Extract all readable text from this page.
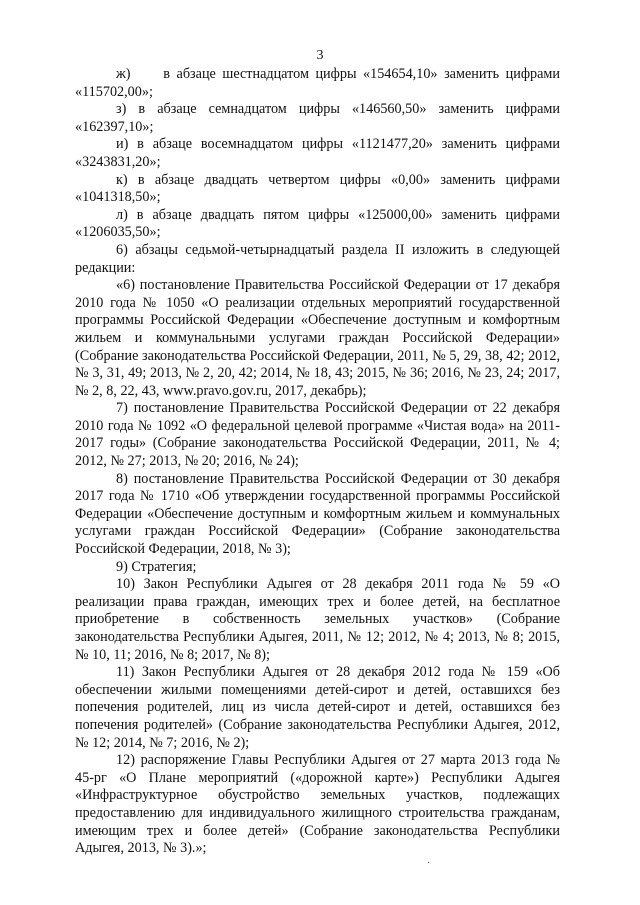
3

ж)     в абзаце шестнадцатом цифры «154654,10» заменить цифрами «115702,00»;

з) в абзаце семнадцатом цифры «146560,50» заменить цифрами «162397,10»;

и) в абзаце восемнадцатом цифры «1121477,20» заменить цифрами «3243831,20»;

к) в абзаце двадцать четвертом цифры «0,00» заменить цифрами «1041318,50»;

л) в абзаце двадцать пятом цифры «125000,00» заменить цифрами «1206035,50»;

6) абзацы седьмой-четырнадцатый раздела II изложить в следующей редакции:

«6) постановление Правительства Российской Федерации от 17 декабря 2010 года № 1050 «О реализации отдельных мероприятий государственной программы Российской Федерации «Обеспечение доступным и комфортным жильем и коммунальными услугами граждан Российской Федерации» (Собрание законодательства Российской Федерации, 2011, № 5, 29, 38, 42; 2012, № 3, 31, 49; 2013, № 2, 20, 42; 2014, № 18, 43; 2015, № 36; 2016, № 23, 24; 2017, № 2, 8, 22, 43, www.pravo.gov.ru, 2017, декабрь);

7) постановление Правительства Российской Федерации от 22 декабря 2010 года № 1092 «О федеральной целевой программе «Чистая вода» на 2011-2017 годы» (Собрание законодательства Российской Федерации, 2011, № 4; 2012, № 27; 2013, № 20; 2016, № 24);

8) постановление Правительства Российской Федерации от 30 декабря 2017 года № 1710 «Об утверждении государственной программы Российской Федерации «Обеспечение доступным и комфортным жильем и коммунальных услугами граждан Российской Федерации» (Собрание законодательства Российской Федерации, 2018, № 3);

9) Стратегия;

10) Закон Республики Адыгея от 28 декабря 2011 года № 59 «О реализации права граждан, имеющих трех и более детей, на бесплатное приобретение в собственность земельных участков» (Собрание законодательства Республики Адыгея, 2011, № 12; 2012, № 4; 2013, № 8; 2015, № 10, 11; 2016, № 8; 2017, № 8);

11) Закон Республики Адыгея от 28 декабря 2012 года № 159 «Об обеспечении жилыми помещениями детей-сирот и детей, оставшихся без попечения родителей, лиц из числа детей-сирот и детей, оставшихся без попечения родителей» (Собрание законодательства Республики Адыгея, 2012, № 12; 2014, № 7; 2016, № 2);

12) распоряжение Главы Республики Адыгея от 27 марта 2013 года № 45-рг «О Плане мероприятий («дорожной карте») Республики Адыгея «Инфраструктурное обустройство земельных участков, подлежащих предоставлению для индивидуального жилищного строительства гражданам, имеющим трех и более детей» (Собрание законодательства Республики Адыгея, 2013, № 3).»;

·
